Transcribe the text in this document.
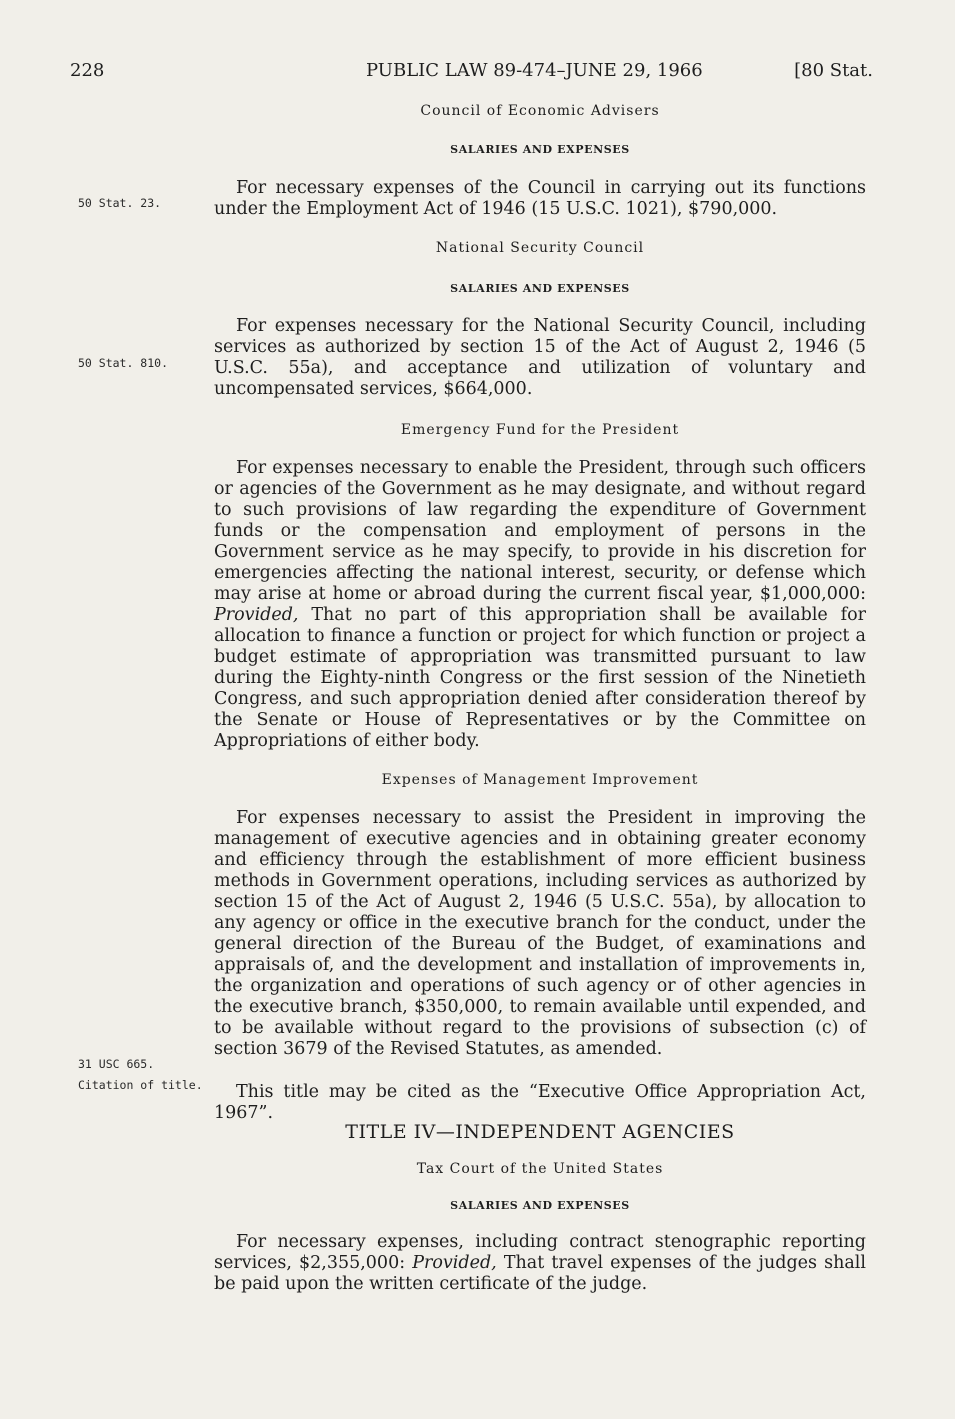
228	PUBLIC LAW 89-474–JUNE 29, 1966	[80 Stat.
Council of Economic Advisers
SALARIES AND EXPENSES

For necessary expenses of the Council in carrying out its functions under the Employment Act of 1946 (15 U.S.C. 1021), $790,000.

50 Stat. 23.
National Security Council
SALARIES AND EXPENSES

For expenses necessary for the National Security Council, including services as authorized by section 15 of the Act of August 2, 1946 (5 U.S.C. 55a), and acceptance and utilization of voluntary and uncompensated services, $664,000.

50 Stat. 810.
Emergency Fund for the President

For expenses necessary to enable the President, through such officers or agencies of the Government as he may designate, and without regard to such provisions of law regarding the expenditure of Government funds or the compensation and employment of persons in the Government service as he may specify, to provide in his discretion for emergencies affecting the national interest, security, or defense which may arise at home or abroad during the current fiscal year, $1,000,000: Provided, That no part of this appropriation shall be available for allocation to finance a function or project for which function or project a budget estimate of appropriation was transmitted pursuant to law during the Eighty-ninth Congress or the first session of the Ninetieth Congress, and such appropriation denied after consideration thereof by the Senate or House of Representatives or by the Committee on Appropriations of either body.

Expenses of Management Improvement

For expenses necessary to assist the President in improving the management of executive agencies and in obtaining greater economy and efficiency through the establishment of more efficient business methods in Government operations, including services as authorized by section 15 of the Act of August 2, 1946 (5 U.S.C. 55a), by allocation to any agency or office in the executive branch for the conduct, under the general direction of the Bureau of the Budget, of examinations and appraisals of, and the development and installation of improvements in, the organization and operations of such agency or of other agencies in the executive branch, $350,000, to remain available until expended, and to be available without regard to the provisions of subsection (c) of section 3679 of the Revised Statutes, as amended.

31 USC 665.

This title may be cited as the “Executive Office Appropriation Act, 1967”.

Citation of title.
TITLE IV—INDEPENDENT AGENCIES
Tax Court of the United States
SALARIES AND EXPENSES

For necessary expenses, including contract stenographic reporting services, $2,355,000: Provided, That travel expenses of the judges shall be paid upon the written certificate of the judge.
